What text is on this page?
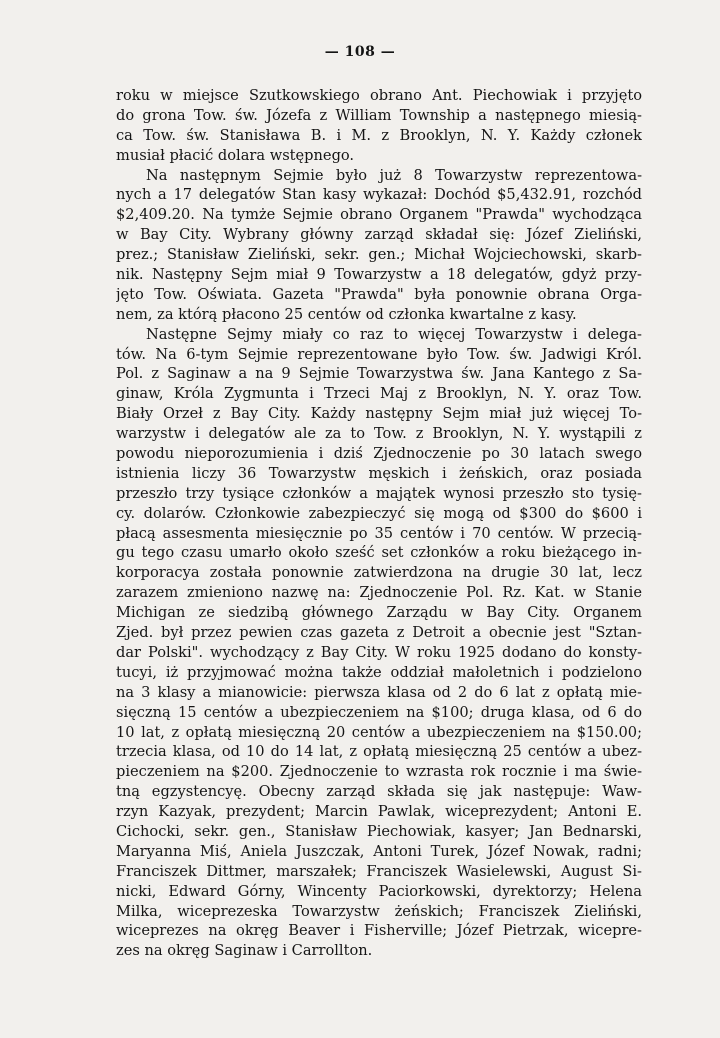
— 108 —
roku w miejsce Szutkowskiego obrano Ant. Piechowiak i przyjęto
do grona Tow. św. Józefa z William Township a następnego miesią-
ca Tow. św. Stanisława B. i M. z Brooklyn, N. Y. Każdy członek
musiał płacić dolara wstępnego.
Na następnym Sejmie było już 8 Towarzystw reprezentowa-
nych a 17 delegatów Stan kasy wykazał: Dochód $5,432.91, rozchód
$2,409.20. Na tymże Sejmie obrano Organem "Prawda" wychodząca
w Bay City. Wybrany główny zarząd składał się: Józef Zieliński,
prez.; Stanisław Zieliński, sekr. gen.; Michał Wojciechowski, skarb-
nik. Następny Sejm miał 9 Towarzystw a 18 delegatów, gdyż przy-
jęto Tow. Oświata. Gazeta "Prawda" była ponownie obrana Orga-
nem, za którą płacono 25 centów od członka kwartalne z kasy.
Następne Sejmy miały co raz to więcej Towarzystw i delega-
tów. Na 6-tym Sejmie reprezentowane było Tow. św. Jadwigi Król.
Pol. z Saginaw a na 9 Sejmie Towarzystwa św. Jana Kantego z Sa-
ginaw, Króla Zygmunta i Trzeci Maj z Brooklyn, N. Y. oraz Tow.
Biały Orzeł z Bay City. Każdy następny Sejm miał już więcej To-
warzystw i delegatów ale za to Tow. z Brooklyn, N. Y. wystąpili z
powodu nieporozumienia i dziś Zjednoczenie po 30 latach swego
istnienia liczy 36 Towarzystw męskich i żeńskich, oraz posiada
przeszło trzy tysiące członków a majątek wynosi przeszło sto tysię-
cy. dolarów. Członkowie zabezpieczyć się mogą od $300 do $600 i
płacą assesmenta miesięcznie po 35 centów i 70 centów. W przecią-
gu tego czasu umarło około sześć set członków a roku bieżącego in-
korporacya została ponownie zatwierdzona na drugie 30 lat, lecz
zarazem zmieniono nazwę na: Zjednoczenie Pol. Rz. Kat. w Stanie
Michigan ze siedzibą głównego Zarządu w Bay City. Organem
Zjed. był przez pewien czas gazeta z Detroit a obecnie jest "Sztan-
dar Polski". wychodzący z Bay City. W roku 1925 dodano do konsty-
tucyi, iż przyjmować można także oddział małoletnich i podzielono
na 3 klasy a mianowicie: pierwsza klasa od 2 do 6 lat z opłatą mie-
sięczną 15 centów a ubezpieczeniem na $100; druga klasa, od 6 do
10 lat, z opłatą miesięczną 20 centów a ubezpieczeniem na $150.00;
trzecia klasa, od 10 do 14 lat, z opłatą miesięczną 25 centów a ubez-
pieczeniem na $200. Zjednoczenie to wzrasta rok rocznie i ma świe-
tną egzystencyę. Obecny zarząd składa się jak następuje: Waw-
rzyn Kazyak, prezydent; Marcin Pawlak, wiceprezydent; Antoni E.
Cichocki, sekr. gen., Stanisław Piechowiak, kasyer; Jan Bednarski,
Maryanna Miś, Aniela Juszczak, Antoni Turek, Józef Nowak, radni;
Franciszek Dittmer, marszałek; Franciszek Wasielewski, August Si-
nicki, Edward Górny, Wincenty Paciorkowski, dyrektorzy; Helena
Milka, wiceprezeska Towarzystw żeńskich; Franciszek Zieliński,
wiceprezes na okręg Beaver i Fisherville; Józef Pietrzak, wicepre-
zes na okręg Saginaw i Carrollton.
